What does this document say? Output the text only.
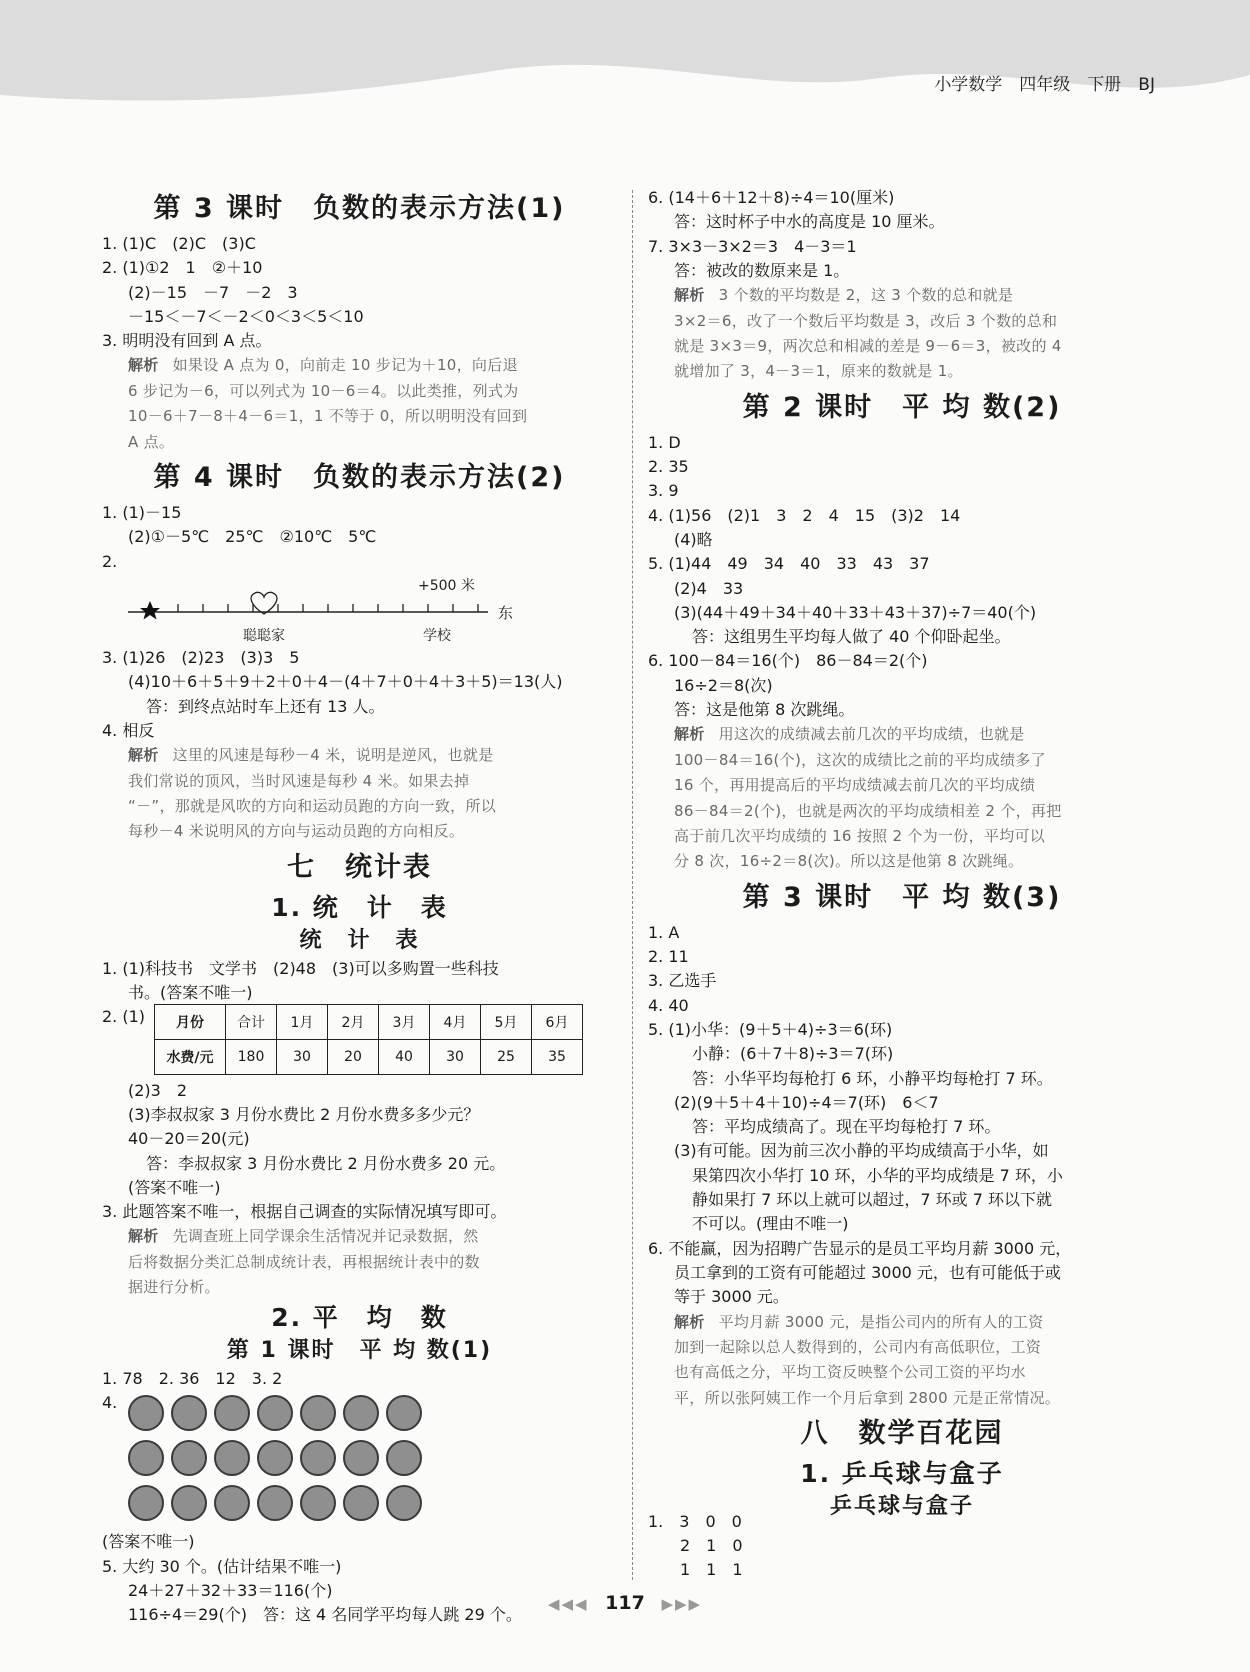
小学数学　四年级　下册　BJ
第 3 课时　负数的表示方法(1)
1. (1)C　(2)C　(3)C
2. (1)①2　1　②＋10
(2)－15　－7　－2　3
－15＜－7＜－2＜0＜3＜5＜10
3. 明明没有回到 A 点。
解析 如果设 A 点为 0，向前走 10 步记为＋10，向后退
6 步记为－6，可以列式为 10－6＝4。以此类推，列式为
10－6＋7－8＋4－6＝1，1 不等于 0，所以明明没有回到
A 点。
第 4 课时　负数的表示方法(2)
1. (1)－15
(2)①－5℃　25℃　②10℃　5℃
2.
+500 米
东
聪聪家	学校
3. (1)26　(2)23　(3)3　5
(4)10＋6＋5＋9＋2＋0＋4－(4＋7＋0＋4＋3＋5)＝13(人)
答：到终点站时车上还有 13 人。
4. 相反
解析 这里的风速是每秒－4 米，说明是逆风，也就是
我们常说的顶风，当时风速是每秒 4 米。如果去掉
“－”，那就是风吹的方向和运动员跑的方向一致，所以
每秒－4 米说明风的方向与运动员跑的方向相反。
七　统计表
1. 统　计　表
统　计　表
1. (1)科技书　文学书　(2)48　(3)可以多购置一些科技
书。(答案不唯一)
2. (1)	月份	合计	1月	2月	3月	4月	5月	6月
水费/元	180	30	20	40	30	25	35
(2)3　2
(3)李叔叔家 3 月份水费比 2 月份水费多多少元？
40－20＝20(元)
答：李叔叔家 3 月份水费比 2 月份水费多 20 元。
(答案不唯一)
3. 此题答案不唯一，根据自己调查的实际情况填写即可。
解析 先调查班上同学课余生活情况并记录数据，然
后将数据分类汇总制成统计表，再根据统计表中的数
据进行分析。
2. 平　均　数
第 1 课时　平 均 数(1)
1. 78　2. 36　12　3. 2
4.
(答案不唯一)
5. 大约 30 个。(估计结果不唯一)
24＋27＋32＋33＝116(个)
116÷4＝29(个)　答：这 4 名同学平均每人跳 29 个。
6. (14＋6＋12＋8)÷4＝10(厘米)
答：这时杯子中水的高度是 10 厘米。
7. 3×3－3×2＝3　4－3＝1
答：被改的数原来是 1。
解析 3 个数的平均数是 2，这 3 个数的总和就是
3×2＝6，改了一个数后平均数是 3，改后 3 个数的总和
就是 3×3＝9，两次总和相减的差是 9－6＝3，被改的 4
就增加了 3，4－3＝1，原来的数就是 1。
第 2 课时　平 均 数(2)
1. D
2. 35
3. 9
4. (1)56　(2)1　3　2　4　15　(3)2　14
(4)略
5. (1)44　49　34　40　33　43　37
(2)4　33
(3)(44＋49＋34＋40＋33＋43＋37)÷7＝40(个)
答：这组男生平均每人做了 40 个仰卧起坐。
6. 100－84＝16(个)　86－84＝2(个)
16÷2＝8(次)
答：这是他第 8 次跳绳。
解析 用这次的成绩减去前几次的平均成绩，也就是
100－84＝16(个)，这次的成绩比之前的平均成绩多了
16 个，再用提高后的平均成绩减去前几次的平均成绩
86－84＝2(个)，也就是两次的平均成绩相差 2 个，再把
高于前几次平均成绩的 16 按照 2 个为一份，平均可以
分 8 次，16÷2＝8(次)。所以这是他第 8 次跳绳。
第 3 课时　平 均 数(3)
1. A
2. 11
3. 乙选手
4. 40
5. (1)小华：(9＋5＋4)÷3＝6(环)
小静：(6＋7＋8)÷3＝7(环)
答：小华平均每枪打 6 环，小静平均每枪打 7 环。
(2)(9＋5＋4＋10)÷4＝7(环)　6＜7
答：平均成绩高了。现在平均每枪打 7 环。
(3)有可能。因为前三次小静的平均成绩高于小华，如
果第四次小华打 10 环，小华的平均成绩是 7 环，小
静如果打 7 环以上就可以超过，7 环或 7 环以下就
不可以。(理由不唯一)
6. 不能赢，因为招聘广告显示的是员工平均月薪 3000 元，
员工拿到的工资有可能超过 3000 元，也有可能低于或
等于 3000 元。
解析 平均月薪 3000 元，是指公司内的所有人的工资
加到一起除以总人数得到的，公司内有高低职位，工资
也有高低之分，平均工资反映整个公司工资的平均水
平，所以张阿姨工作一个月后拿到 2800 元是正常情况。
八　数学百花园
1. 乒乓球与盒子
乒乓球与盒子
1.　3　0　0
　　2　1　0
　　1　1　1
◀◀◀ 117 ▶▶▶
